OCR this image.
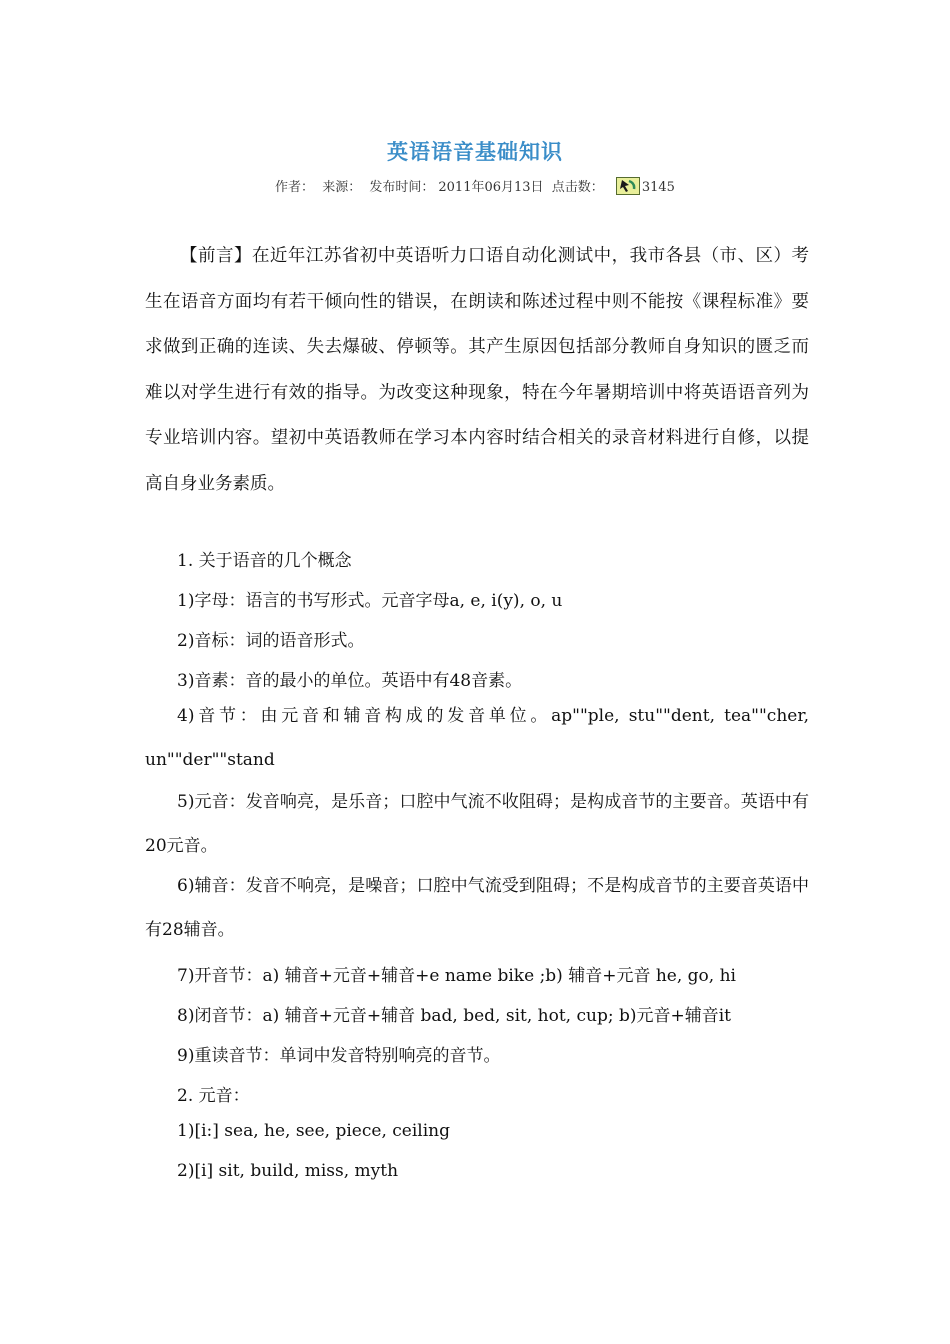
英语语音基础知识
作者： 来源： 发布时间： 2011年06月13日 点击数：	3145

【前言】在近年江苏省初中英语听力口语自动化测试中，我市各县（市、区）考生在语音方面均有若干倾向性的错误，在朗读和陈述过程中则不能按《课程标准》要求做到正确的连读、失去爆破、停顿等。其产生原因包括部分教师自身知识的匮乏而难以对学生进行有效的指导。为改变这种现象，特在今年暑期培训中将英语语音列为专业培训内容。望初中英语教师在学习本内容时结合相关的录音材料进行自修，以提高自身业务素质。

1. 关于语音的几个概念

1)字母：语言的书写形式。元音字母a, e, i(y), o, u

2)音标：词的语音形式。

3)音素：音的最小的单位。英语中有48音素。

4)音节：由元音和辅音构成的发音单位。ap""ple, stu""dent, tea""cher, un""der""stand

5)元音：发音响亮，是乐音；口腔中气流不收阻碍；是构成音节的主要音。英语中有20元音。

6)辅音：发音不响亮，是噪音；口腔中气流受到阻碍；不是构成音节的主要音英语中有28辅音。

7)开音节：a) 辅音+元音+辅音+e name bike ;b) 辅音+元音 he, go, hi

8)闭音节：a) 辅音+元音+辅音 bad, bed, sit, hot, cup; b)元音+辅音it

9)重读音节：单词中发音特别响亮的音节。

2. 元音：

1)[i:] sea, he, see, piece, ceiling

2)[i] sit, build, miss, myth
